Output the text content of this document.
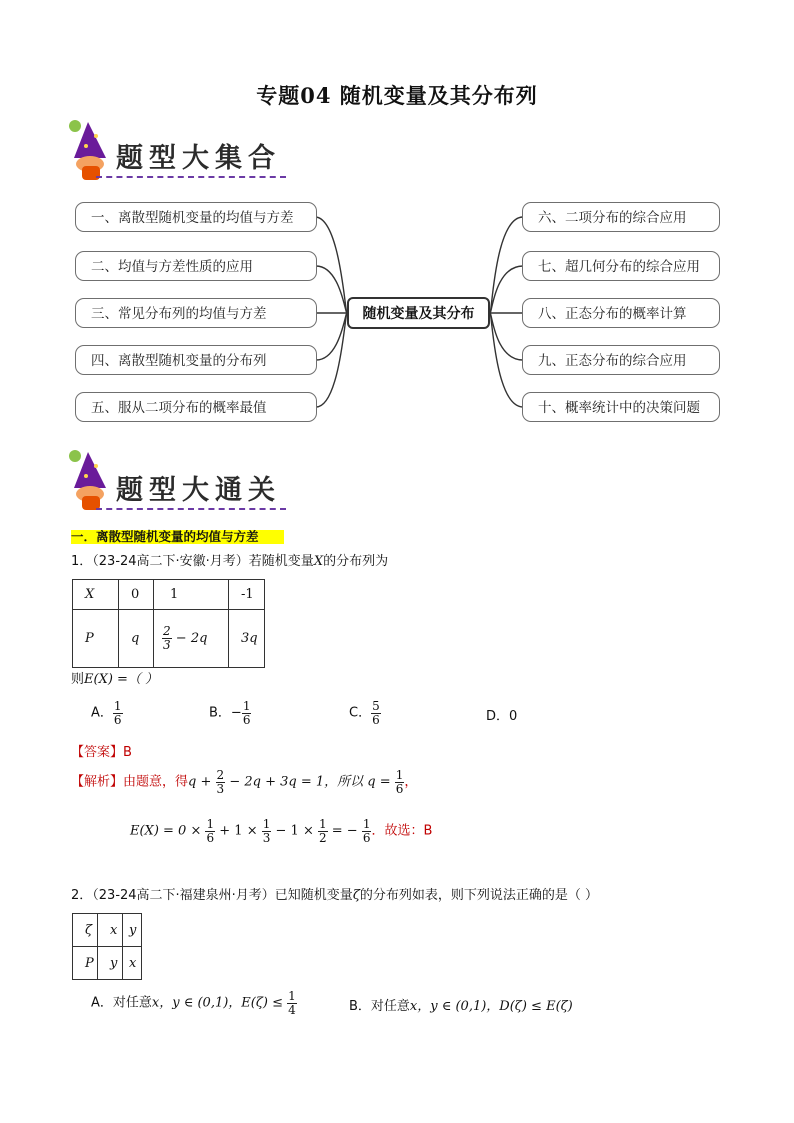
专题04 随机变量及其分布列
题型大集合
一、离散型随机变量的均值与方差
二、均值与方差性质的应用
三、常见分布列的均值与方差
四、离散型随机变量的分布列
五、服从二项分布的概率最值
随机变量及其分布
六、二项分布的综合应用
七、超几何分布的综合应用
八、正态分布的概率计算
九、正态分布的综合应用
十、概率统计中的决策问题
题型大通关
一．离散型随机变量的均值与方差
1．（23-24高二下·安徽·月考）若随机变量X的分布列为
X	0	1	-1
P	q	$\frac{2}{3} - 2q$	3q
则E(X) =（ ）
A． $\frac{1}{6}$	B．− $\frac{1}{6}$	C． $\frac{5}{6}$	D．0
【答案】B
【解析】由题意，得$q + \frac{2}{3} - 2q + 3q = 1$，所以 $q = \frac{1}{6}$ ，
$E(X) = 0 \times \frac{1}{6} + 1 \times \frac{1}{3} - 1 \times \frac{1}{2}$ = − $\frac{1}{6}$ ．故选：B
2．（23-24高二下·福建泉州·月考）已知随机变量ζ的分布列如表，则下列说法正确的是（ ）
ζ	x	y
P	y	x
A．对任意x，y ∈ (0,1)，$E(\zeta) \le \frac{1}{4}$	B．对任意x，y ∈ (0,1)，D(ζ) ≤ E(ζ)
